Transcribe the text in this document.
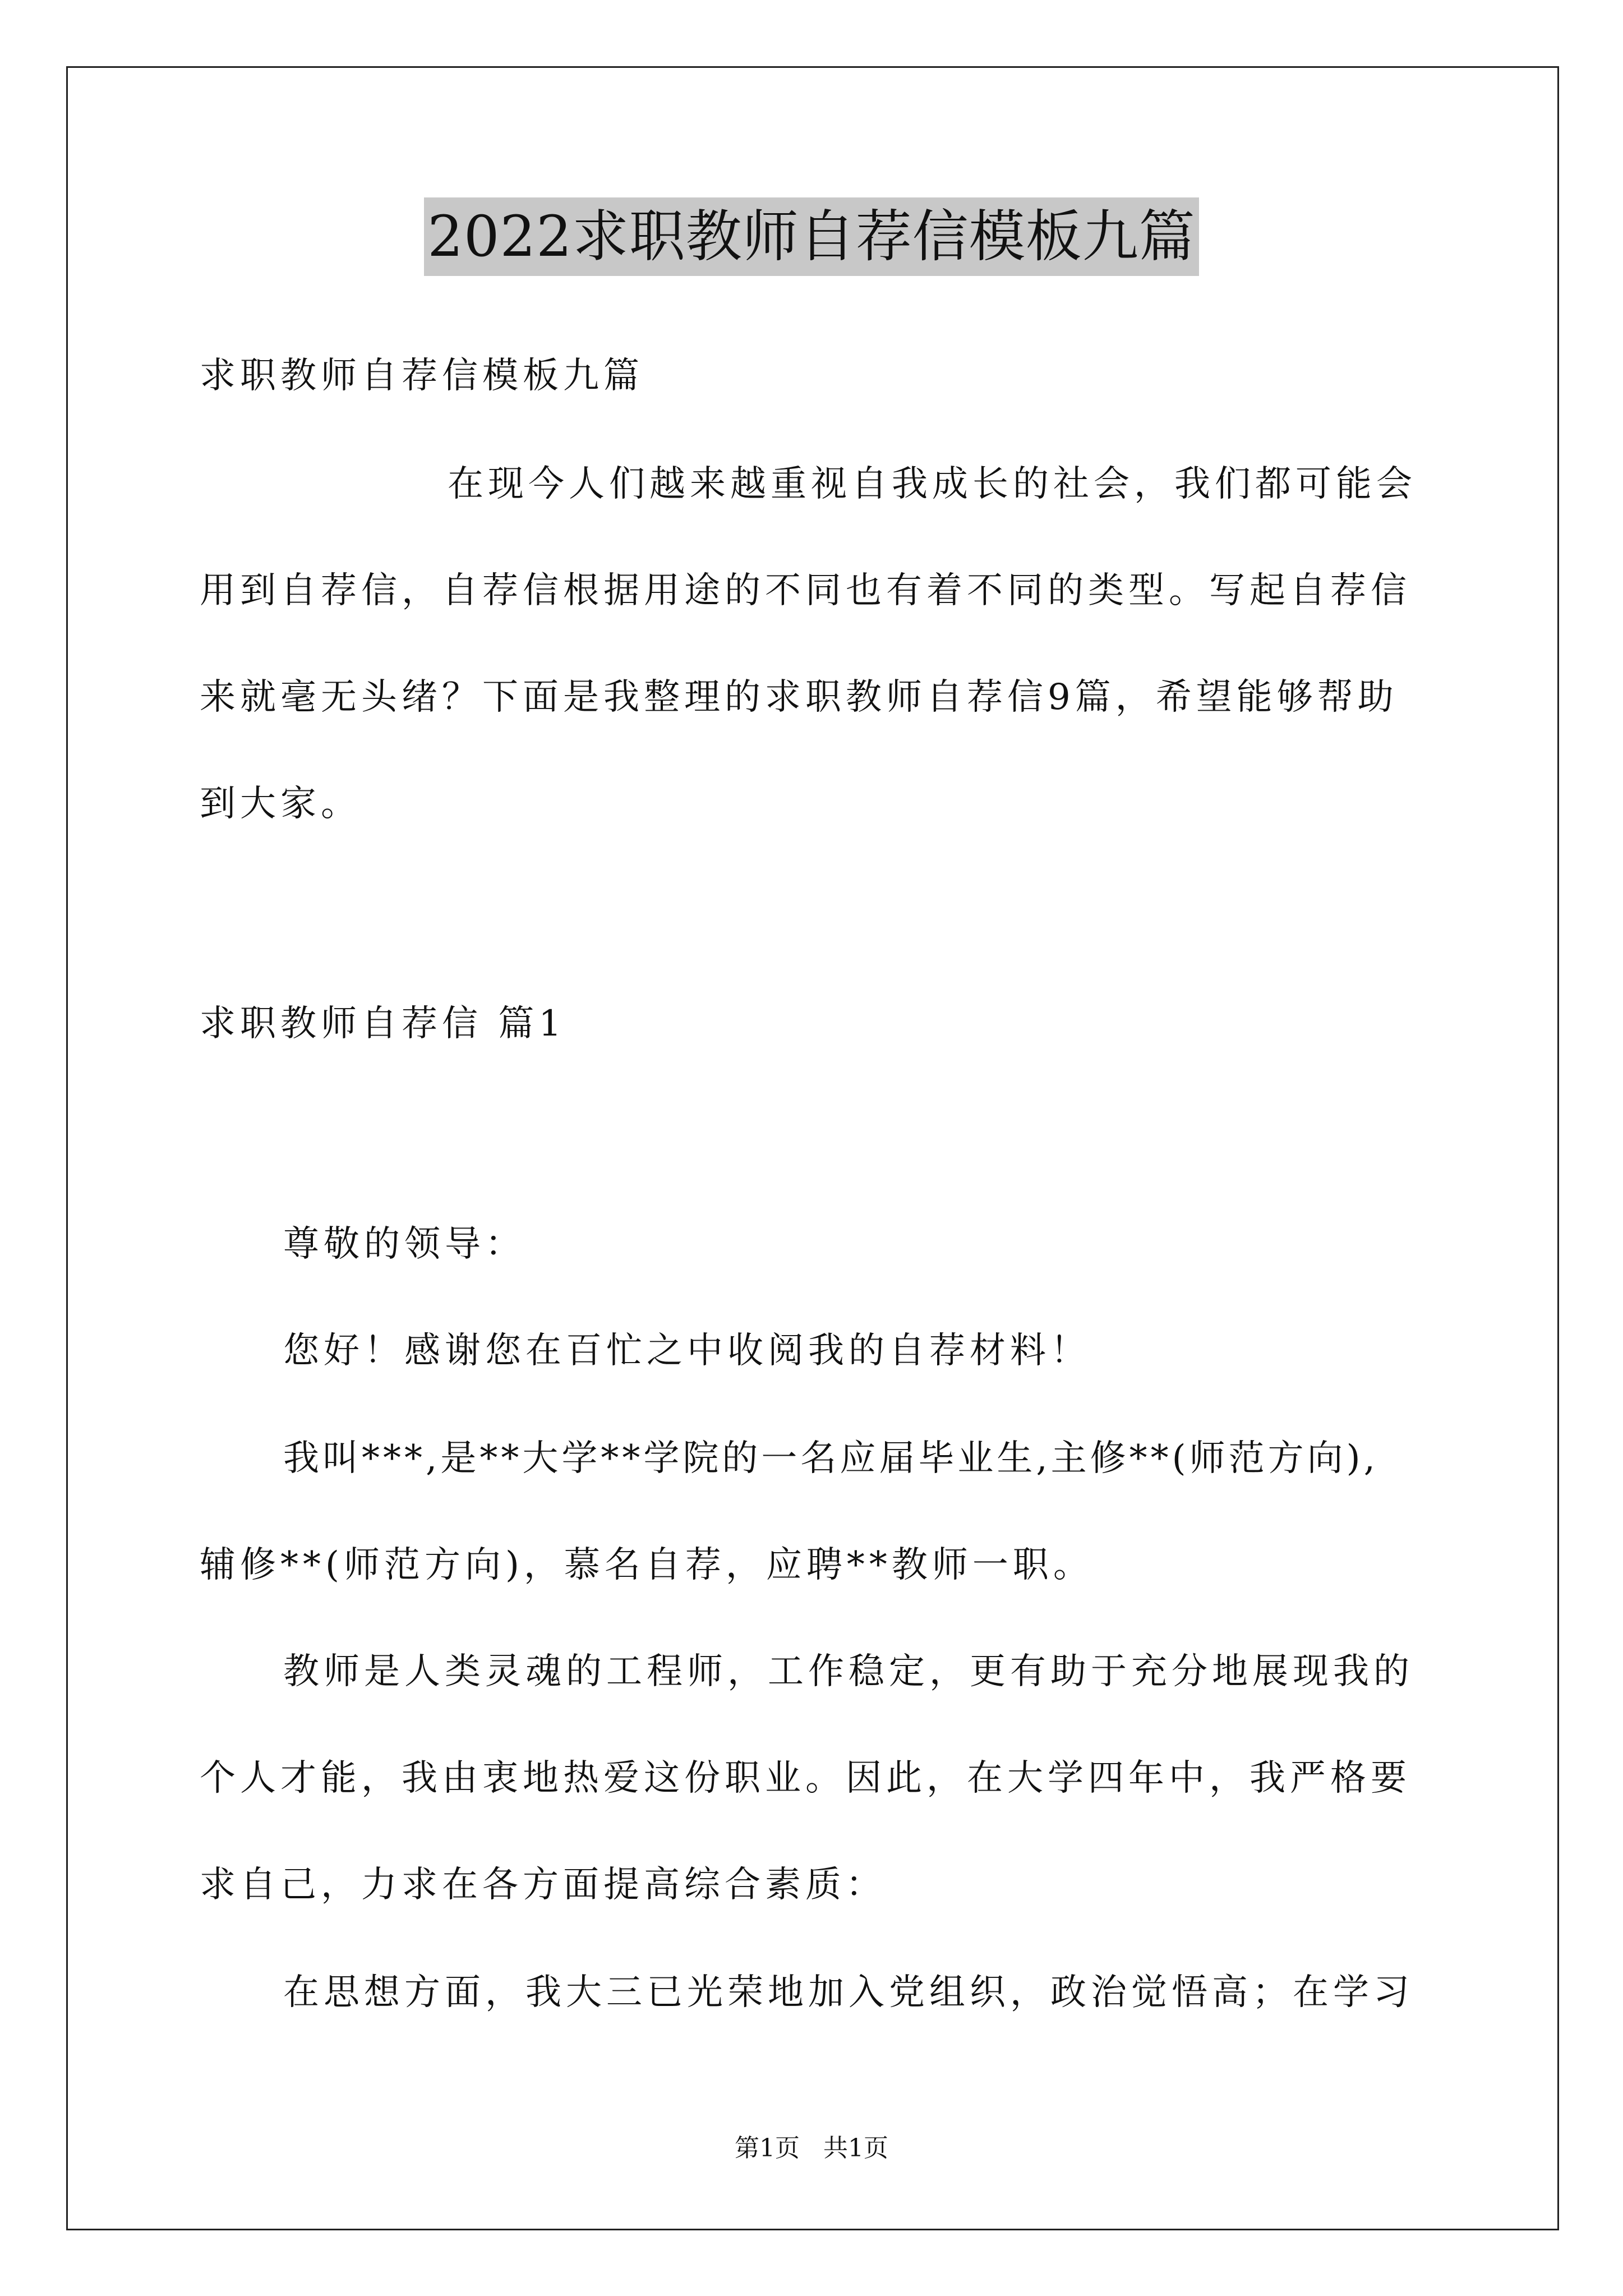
2022求职教师自荐信模板九篇
求职教师自荐信模板九篇
在现今人们越来越重视自我成长的社会，我们都可能会
用到自荐信，自荐信根据用途的不同也有着不同的类型。写起自荐信
来就毫无头绪？下面是我整理的求职教师自荐信9篇，希望能够帮助
到大家。
求职教师自荐信 篇1
尊敬的领导：
您好！感谢您在百忙之中收阅我的自荐材料！
我叫***,是**大学**学院的一名应届毕业生,主修**(师范方向),
辅修**(师范方向)，慕名自荐，应聘**教师一职。
教师是人类灵魂的工程师，工作稳定，更有助于充分地展现我的
个人才能，我由衷地热爱这份职业。因此，在大学四年中，我严格要
求自己，力求在各方面提高综合素质：
在思想方面，我大三已光荣地加入党组织，政治觉悟高；在学习
第1页 共1页
